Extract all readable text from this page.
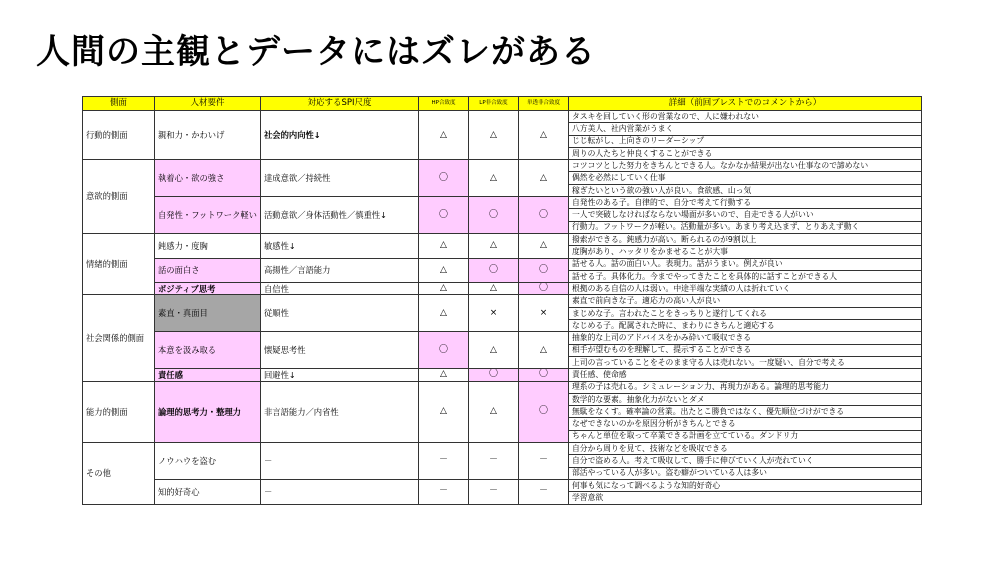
人間の主観とデータにはズレがある
側面	人材要件	対応するSPI尺度	HP合致度	LP非合致度	単透非合致度	詳細（前回ブレストでのコメントから）
行動的側面	親和力・かわいげ	社会的内向性↓	△	△	△	タスキを回していく形の営業なので、人に嫌われない
						八方美人、社内営業がうまく
						じじ転がし、上向きのリーダーシップ
						周りの人たちと仲良くすることができる
意欲的側面	執着心・欲の強さ	達成意欲／持続性	〇	△	△	コツコツとした努力をきちんとできる人。なかなか結果が出ない仕事なので諦めない
						偶然を必然にしていく仕事
						稼ぎたいという欲の強い人が良い。食欲感、山っ気
	自発性・フットワーク軽い	活動意欲／身体活動性／慎重性↓	〇	〇	〇	自発性のある子。自律的で、自分で考えて行動する
						一人で突破しなければならない場面が多いので、自走できる人がいい
						行動力。フットワークが軽い。活動量が多い。あまり考え込まず、とりあえず動く
情緒的側面	鈍感力・度胸	敏感性↓	△	△	△	撥索ができる。鈍感力が高い。断られるのが9割以上
						度胸があり、ハッタリをかませることが大事
	話の面白さ	高揚性／言語能力	△	〇	〇	話せる人。話の面白い人。表現力。話がうまい。例えが良い
						話せる子。具体化力。今までやってきたことを具体的に話すことができる人
	ポジティブ思考	自信性	△	△	〇	根拠のある自信の人は弱い。中途半端な実績の人は折れていく
社会関係的側面	素直・真面目	従順性	△	×	×	素直で前向きな子。適応力の高い人が良い
						まじめな子。言われたことをきっちりと遂行してくれる
						なじめる子。配属された時に、まわりにきちんと適応する
	本意を汲み取る	懐疑思考性	〇	△	△	抽象的な上司のアドバイスをかみ砕いて吸収できる
						相手が望むものを理解して、提示することができる
						上司の言っていることをそのまま守る人は売れない。一度疑い、自分で考える
	責任感	回避性↓	△	〇	〇	責任感、使命感
能力的側面	論理的思考力・整理力	非言語能力／内省性	△	△	〇	理系の子は売れる。シミュレーション力、再現力がある。論理的思考能力
						数学的な要素。抽象化力がないとダメ
						無駄をなくす。確率論の営業。出たとこ勝負ではなく、優先順位づけができる
						なぜできないのかを原因分析がきちんとできる
						ちゃんと単位を取って卒業できる計画を立てている。ダンドリ力
その他	ノウハウを盗む	－	－	－	－	自分から周りを見て、技術などを吸収できる
						自分で盗める人。考えて吸収して、勝手に伸びていく人が売れていく
						部活やっている人が多い。盗む癖がついている人は多い
	知的好奇心	－	－	－	－	何事も気になって調べるような知的好奇心
						学習意欲
